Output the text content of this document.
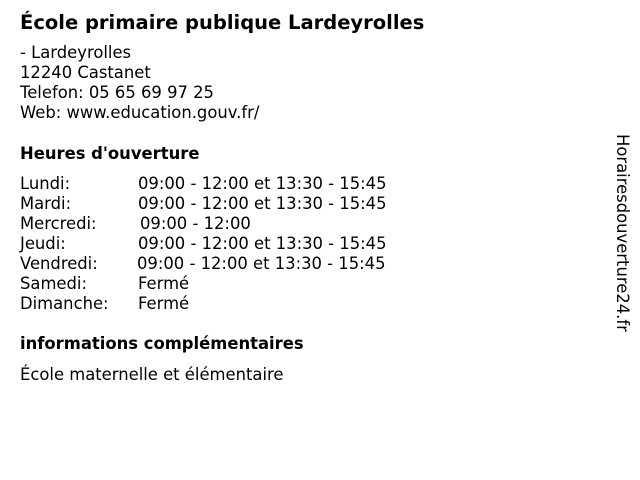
École primaire publique Lardeyrolles
- Lardeyrolles
12240 Castanet
Telefon: 05 65 69 97 25
Web: www.education.gouv.fr/
Heures d'ouverture
Lundi:	09:00 - 12:00 et 13:30 - 15:45
Mardi:	09:00 - 12:00 et 13:30 - 15:45
Mercredi:	09:00 - 12:00
Jeudi:	09:00 - 12:00 et 13:30 - 15:45
Vendredi:	09:00 - 12:00 et 13:30 - 15:45
Samedi:	Fermé
Dimanche:	Fermé
informations complémentaires
École maternelle et élémentaire
Horairesdouverture24.fr
